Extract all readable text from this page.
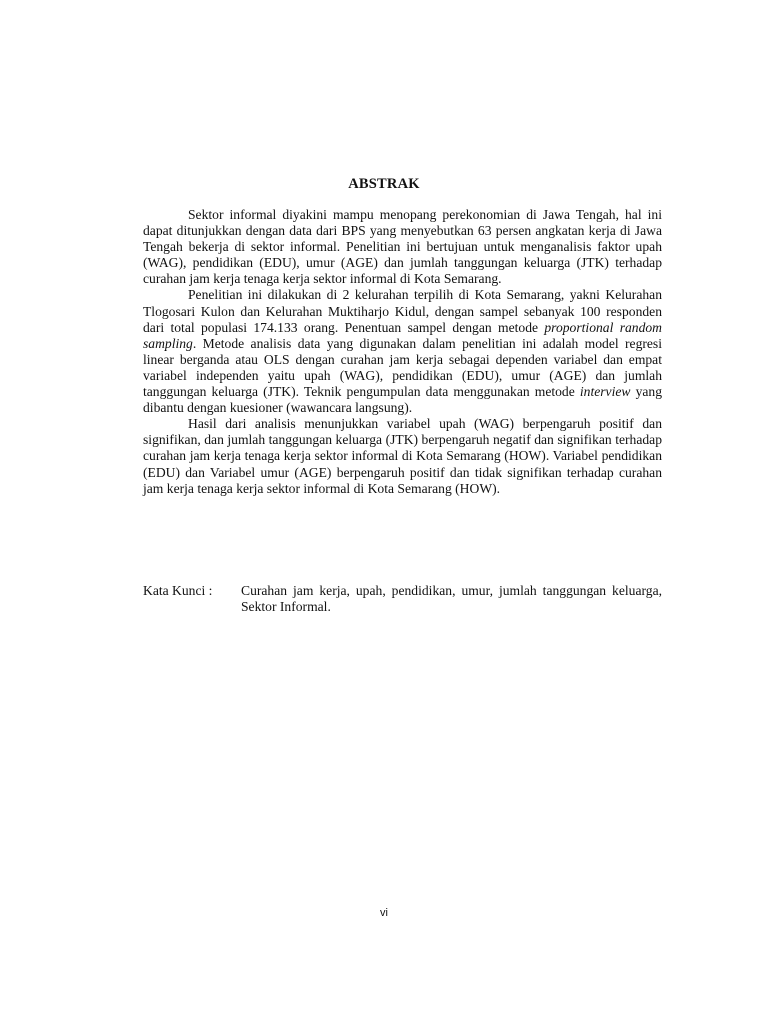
ABSTRAK

Sektor informal diyakini mampu menopang perekonomian di Jawa Tengah, hal ini dapat ditunjukkan dengan data dari BPS yang menyebutkan 63 persen angkatan kerja di Jawa Tengah bekerja di sektor informal. Penelitian ini bertujuan untuk menganalisis faktor upah (WAG), pendidikan (EDU), umur (AGE) dan jumlah tanggungan keluarga (JTK) terhadap curahan jam kerja tenaga kerja sektor informal di Kota Semarang.

Penelitian ini dilakukan di 2 kelurahan terpilih di Kota Semarang, yakni Kelurahan Tlogosari Kulon dan Kelurahan Muktiharjo Kidul, dengan sampel sebanyak 100 responden dari total populasi 174.133 orang. Penentuan sampel dengan metode proportional random sampling. Metode analisis data yang digunakan dalam penelitian ini adalah model regresi linear berganda atau OLS dengan curahan jam kerja sebagai dependen variabel dan empat variabel independen yaitu upah (WAG), pendidikan (EDU), umur (AGE) dan jumlah tanggungan keluarga (JTK). Teknik pengumpulan data menggunakan metode interview yang dibantu dengan kuesioner (wawancara langsung).

Hasil dari analisis menunjukkan variabel upah (WAG) berpengaruh positif dan signifikan, dan jumlah tanggungan keluarga (JTK) berpengaruh negatif dan signifikan terhadap curahan jam kerja tenaga kerja sektor informal di Kota Semarang (HOW). Variabel pendidikan (EDU) dan Variabel umur (AGE) berpengaruh positif dan tidak signifikan terhadap curahan jam kerja tenaga kerja sektor informal di Kota Semarang (HOW).

Kata Kunci :	Curahan jam kerja, upah, pendidikan, umur, jumlah tanggungan keluarga, Sektor Informal.
vi
